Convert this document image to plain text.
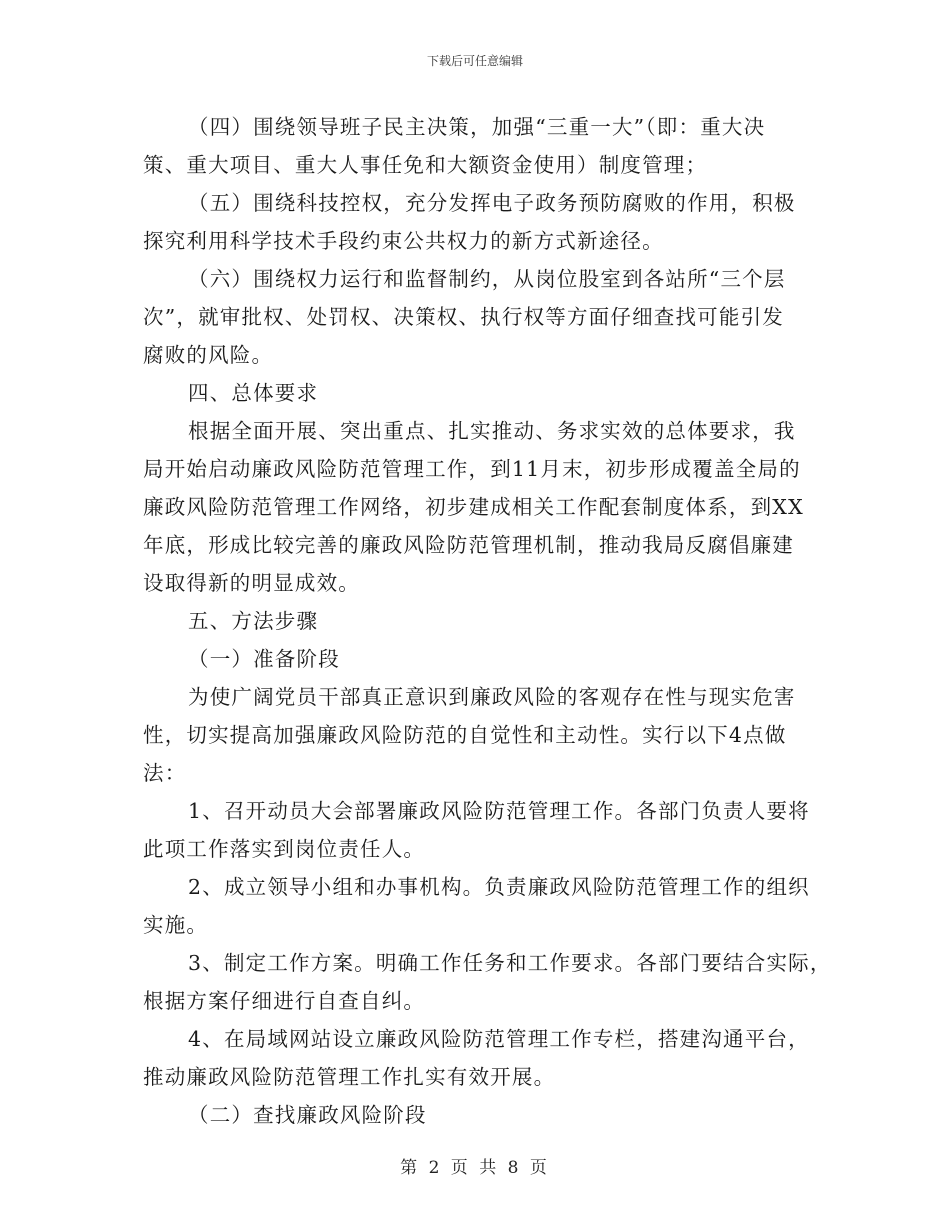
下载后可任意编辑
（四）围绕领导班子民主决策，加强“三重一大”（即：重大决
策、重大项目、重大人事任免和大额资金使用）制度管理；
（五）围绕科技控权，充分发挥电子政务预防腐败的作用，积极
探究利用科学技术手段约束公共权力的新方式新途径。
（六）围绕权力运行和监督制约，从岗位股室到各站所“三个层
次”，就审批权、处罚权、决策权、执行权等方面仔细查找可能引发
腐败的风险。
四、总体要求
根据全面开展、突出重点、扎实推动、务求实效的总体要求，我
局开始启动廉政风险防范管理工作，到11月末，初步形成覆盖全局的
廉政风险防范管理工作网络，初步建成相关工作配套制度体系，到XX
年底，形成比较完善的廉政风险防范管理机制，推动我局反腐倡廉建
设取得新的明显成效。
五、方法步骤
（一）准备阶段
为使广阔党员干部真正意识到廉政风险的客观存在性与现实危害
性，切实提高加强廉政风险防范的自觉性和主动性。实行以下4点做
法：
1、召开动员大会部署廉政风险防范管理工作。各部门负责人要将
此项工作落实到岗位责任人。
2、成立领导小组和办事机构。负责廉政风险防范管理工作的组织
实施。
3、制定工作方案。明确工作任务和工作要求。各部门要结合实际，
根据方案仔细进行自查自纠。
4、在局域网站设立廉政风险防范管理工作专栏，搭建沟通平台，
推动廉政风险防范管理工作扎实有效开展。
（二）查找廉政风险阶段
第 2 页 共 8 页
